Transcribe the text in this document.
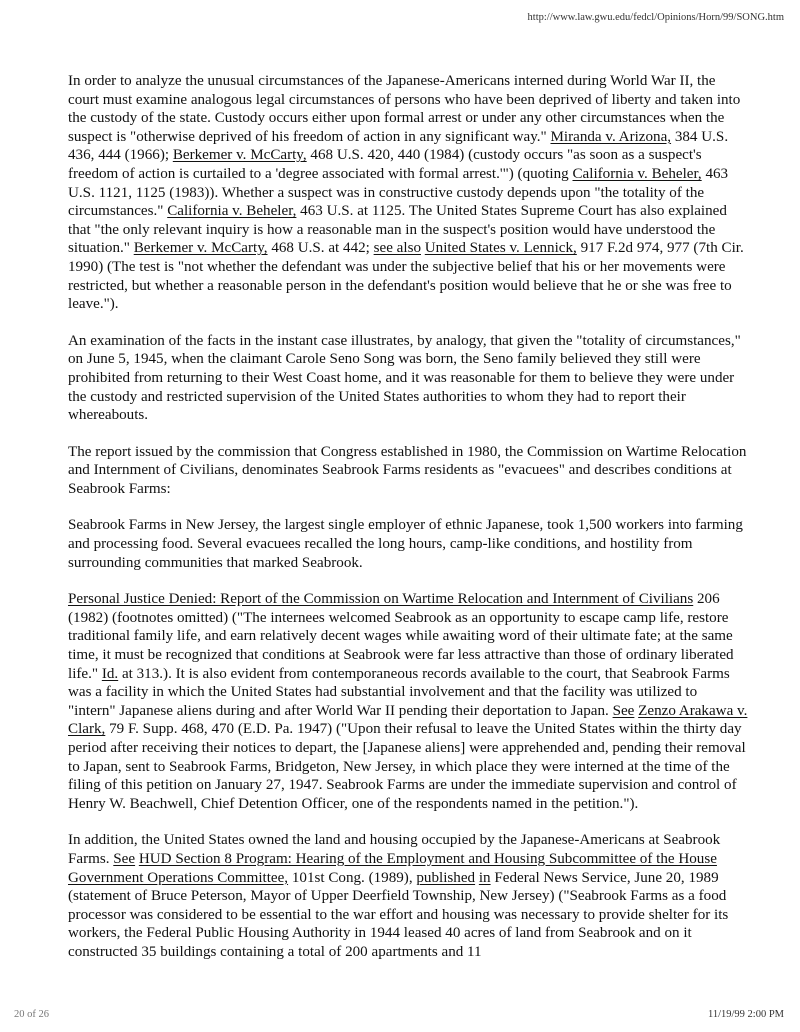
http://www.law.gwu.edu/fedcl/Opinions/Horn/99/SONG.htm

In order to analyze the unusual circumstances of the Japanese-Americans interned during World War II, the court must examine analogous legal circumstances of persons who have been deprived of liberty and taken into the custody of the state. Custody occurs either upon formal arrest or under any other circumstances when the suspect is "otherwise deprived of his freedom of action in any significant way." Miranda v. Arizona, 384 U.S. 436, 444 (1966); Berkemer v. McCarty, 468 U.S. 420, 440 (1984) (custody occurs "as soon as a suspect's freedom of action is curtailed to a 'degree associated with formal arrest.'") (quoting California v. Beheler, 463 U.S. 1121, 1125 (1983)). Whether a suspect was in constructive custody depends upon "the totality of the circumstances." California v. Beheler, 463 U.S. at 1125. The United States Supreme Court has also explained that "the only relevant inquiry is how a reasonable man in the suspect's position would have understood the situation." Berkemer v. McCarty, 468 U.S. at 442; see also United States v. Lennick, 917 F.2d 974, 977 (7th Cir. 1990) (The test is "not whether the defendant was under the subjective belief that his or her movements were restricted, but whether a reasonable person in the defendant's position would believe that he or she was free to leave.").

An examination of the facts in the instant case illustrates, by analogy, that given the "totality of circumstances," on June 5, 1945, when the claimant Carole Seno Song was born, the Seno family believed they still were prohibited from returning to their West Coast home, and it was reasonable for them to believe they were under the custody and restricted supervision of the United States authorities to whom they had to report their whereabouts.

The report issued by the commission that Congress established in 1980, the Commission on Wartime Relocation and Internment of Civilians, denominates Seabrook Farms residents as "evacuees" and describes conditions at Seabrook Farms:

Seabrook Farms in New Jersey, the largest single employer of ethnic Japanese, took 1,500 workers into farming and processing food. Several evacuees recalled the long hours, camp-like conditions, and hostility from surrounding communities that marked Seabrook.

Personal Justice Denied: Report of the Commission on Wartime Relocation and Internment of Civilians 206 (1982) (footnotes omitted) ("The internees welcomed Seabrook as an opportunity to escape camp life, restore traditional family life, and earn relatively decent wages while awaiting word of their ultimate fate; at the same time, it must be recognized that conditions at Seabrook were far less attractive than those of ordinary liberated life." Id. at 313.). It is also evident from contemporaneous records available to the court, that Seabrook Farms was a facility in which the United States had substantial involvement and that the facility was utilized to "intern" Japanese aliens during and after World War II pending their deportation to Japan. See Zenzo Arakawa v. Clark, 79 F. Supp. 468, 470 (E.D. Pa. 1947) ("Upon their refusal to leave the United States within the thirty day period after receiving their notices to depart, the [Japanese aliens] were apprehended and, pending their removal to Japan, sent to Seabrook Farms, Bridgeton, New Jersey, in which place they were interned at the time of the filing of this petition on January 27, 1947. Seabrook Farms are under the immediate supervision and control of Henry W. Beachwell, Chief Detention Officer, one of the respondents named in the petition.").

In addition, the United States owned the land and housing occupied by the Japanese-Americans at Seabrook Farms. See HUD Section 8 Program: Hearing of the Employment and Housing Subcommittee of the House Government Operations Committee, 101st Cong. (1989), published in Federal News Service, June 20, 1989 (statement of Bruce Peterson, Mayor of Upper Deerfield Township, New Jersey) ("Seabrook Farms as a food processor was considered to be essential to the war effort and housing was necessary to provide shelter for its workers, the Federal Public Housing Authority in 1944 leased 40 acres of land from Seabrook and on it constructed 35 buildings containing a total of 200 apartments and 11

20 of 26	11/19/99 2:00 PM
